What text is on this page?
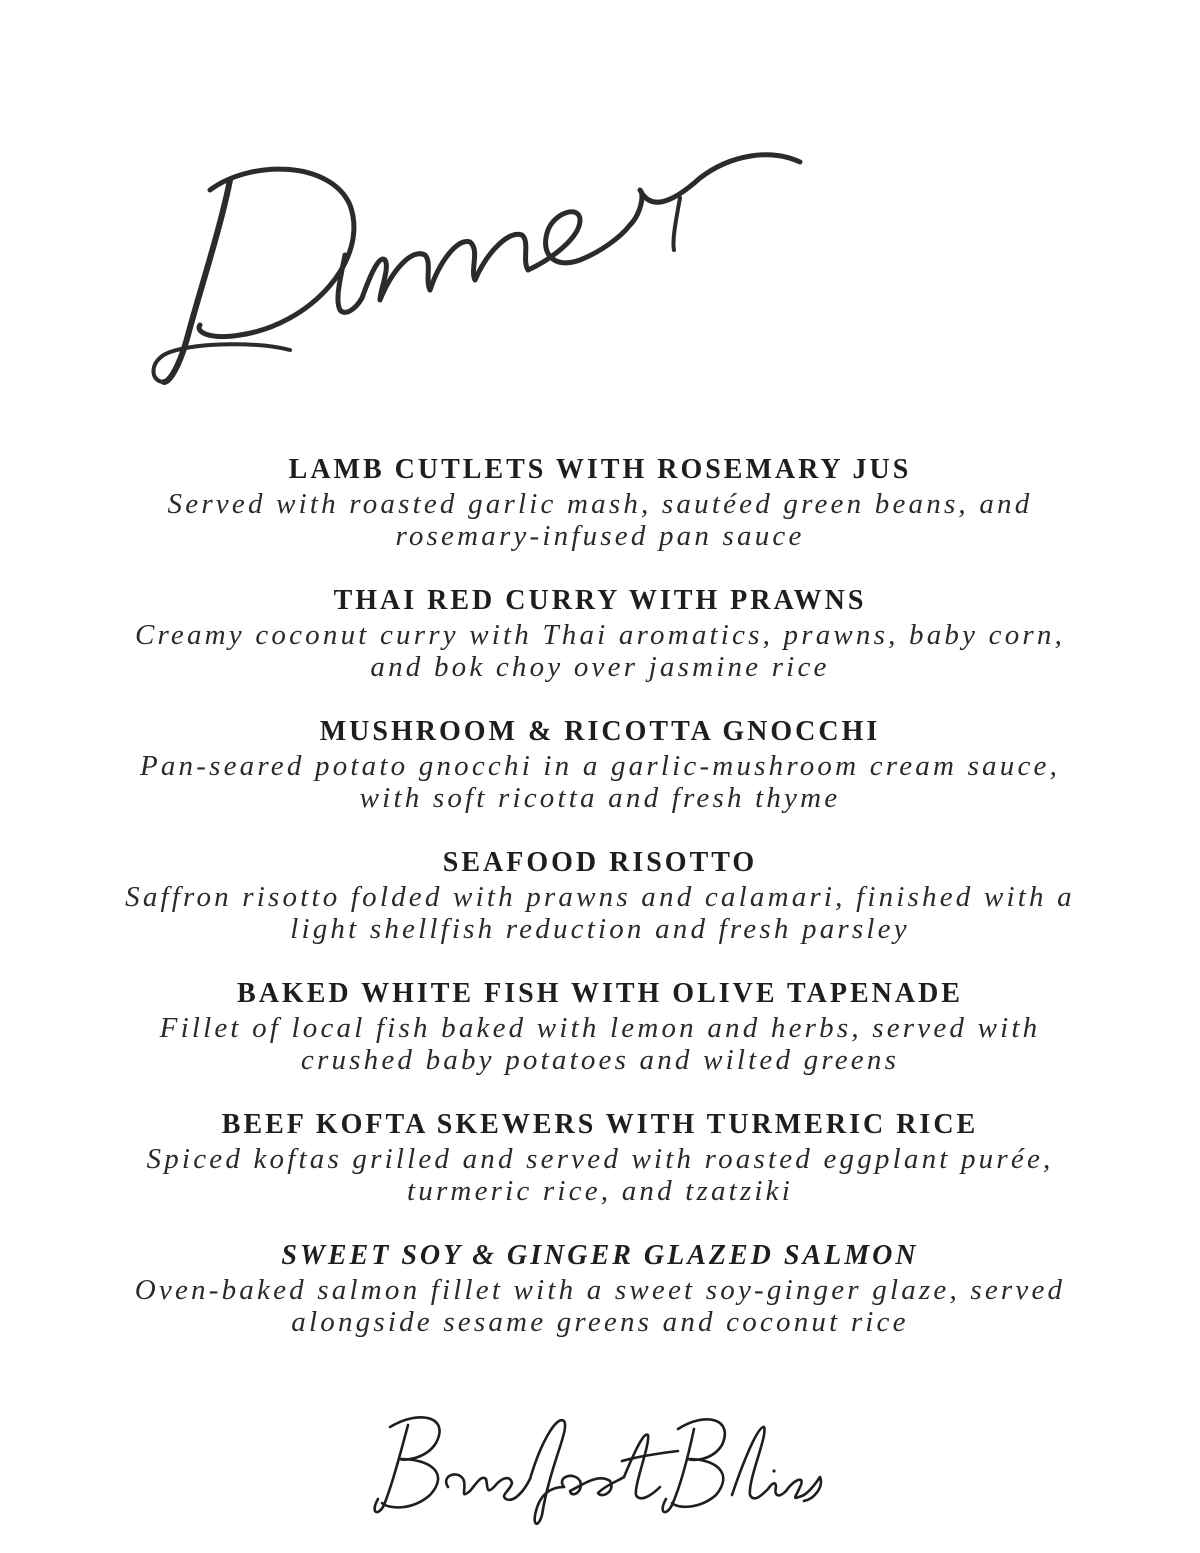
LAMB CUTLETS WITH ROSEMARY JUS
Served with roasted garlic mash, sautéed green beans, and rosemary-infused pan sauce
THAI RED CURRY WITH PRAWNS
Creamy coconut curry with Thai aromatics, prawns, baby corn, and bok choy over jasmine rice
MUSHROOM & RICOTTA GNOCCHI
Pan-seared potato gnocchi in a garlic-mushroom cream sauce, with soft ricotta and fresh thyme
SEAFOOD RISOTTO
Saffron risotto folded with prawns and calamari, finished with a light shellfish reduction and fresh parsley
BAKED WHITE FISH WITH OLIVE TAPENADE
Fillet of local fish baked with lemon and herbs, served with crushed baby potatoes and wilted greens
BEEF KOFTA SKEWERS WITH TURMERIC RICE
Spiced koftas grilled and served with roasted eggplant purée, turmeric rice, and tzatziki
SWEET SOY & GINGER GLAZED SALMON
Oven-baked salmon fillet with a sweet soy-ginger glaze, served alongside sesame greens and coconut rice
